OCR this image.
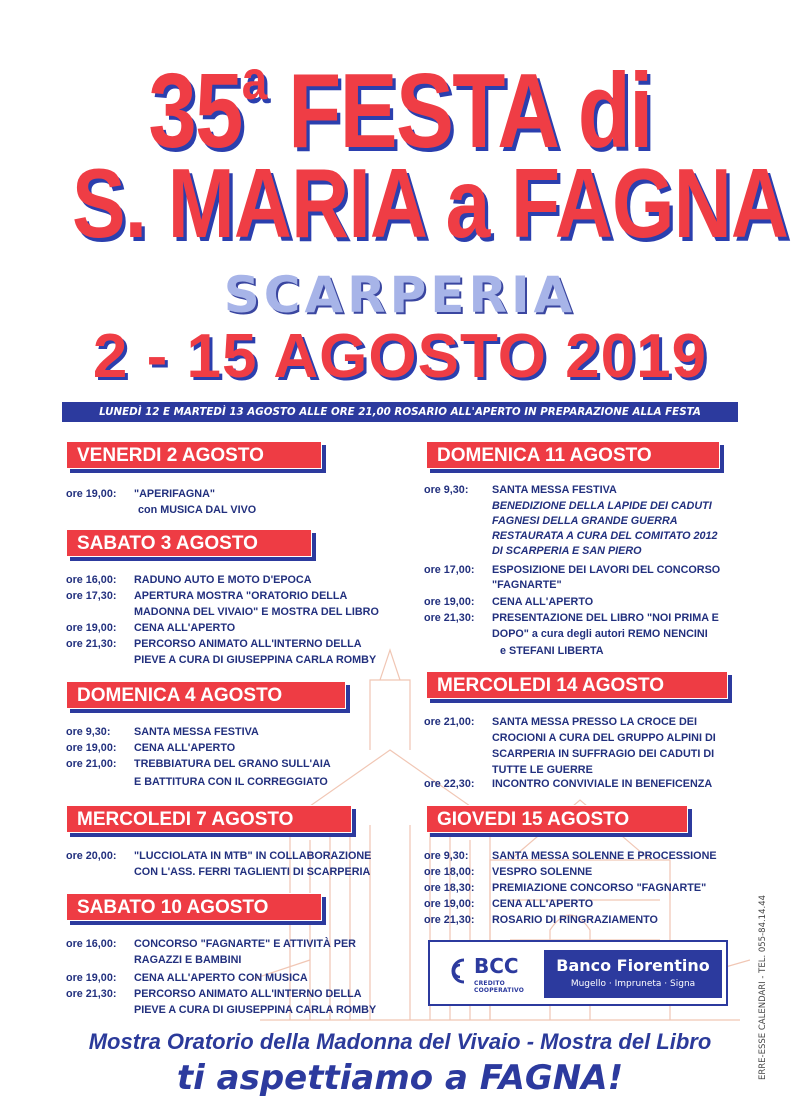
35$^a$ FESTA di
S. MARIA a FAGNA
SCARPERIA
2 - 15 AGOSTO 2019
LUNEDÌ 12 E MARTEDÌ 13 AGOSTO ALLE ORE 21,00 ROSARIO ALL'APERTO IN PREPARAZIONE ALLA FESTA
VENERDI 2 AGOSTO
ore 19,00: "APERIFAGNA"
con MUSICA DAL VIVO
SABATO 3 AGOSTO
ore 16,00: RADUNO AUTO E MOTO D'EPOCA
ore 17,30: APERTURA MOSTRA "ORATORIO DELLA
MADONNA DEL VIVAIO" E MOSTRA DEL LIBRO
ore 19,00: CENA ALL'APERTO
ore 21,30: PERCORSO ANIMATO ALL'INTERNO DELLA
PIEVE A CURA DI GIUSEPPINA CARLA ROMBY
DOMENICA 4 AGOSTO
ore 9,30: SANTA MESSA FESTIVA
ore 19,00: CENA ALL'APERTO
ore 21,00: TREBBIATURA DEL GRANO SULL'AIA
E BATTITURA CON IL CORREGGIATO
MERCOLEDI 7 AGOSTO
ore 20,00: "LUCCIOLATA IN MTB" IN COLLABORAZIONE
CON L'ASS. FERRI TAGLIENTI DI SCARPERIA
SABATO 10 AGOSTO
ore 16,00: CONCORSO "FAGNARTE" E ATTIVITÀ PER
RAGAZZI E BAMBINI
ore 19,00: CENA ALL'APERTO CON MUSICA
ore 21,30: PERCORSO ANIMATO ALL'INTERNO DELLA
PIEVE A CURA DI GIUSEPPINA CARLA ROMBY
DOMENICA 11 AGOSTO
ore 9,30: SANTA MESSA FESTIVA
BENEDIZIONE DELLA LAPIDE DEI CADUTI
FAGNESI DELLA GRANDE GUERRA
RESTAURATA A CURA DEL COMITATO 2012
DI SCARPERIA E SAN PIERO
ore 17,00: ESPOSIZIONE DEI LAVORI DEL CONCORSO
"FAGNARTE"
ore 19,00: CENA ALL'APERTO
ore 21,30: PRESENTAZIONE DEL LIBRO "NOI PRIMA E
DOPO" a cura degli autori REMO NENCINI
e STEFANI LIBERTA
MERCOLEDI 14 AGOSTO
ore 21,00: SANTA MESSA PRESSO LA CROCE DEI
CROCIONI A CURA DEL GRUPPO ALPINI DI
SCARPERIA IN SUFFRAGIO DEI CADUTI DI
TUTTE LE GUERRE
ore 22,30: INCONTRO CONVIVIALE IN BENEFICENZA
GIOVEDI 15 AGOSTO
ore 9,30: SANTA MESSA SOLENNE E PROCESSIONE
ore 18,00: VESPRO SOLENNE
ore 18,30: PREMIAZIONE CONCORSO "FAGNARTE"
ore 19,00: CENA ALL'APERTO
ore 21,30: ROSARIO DI RINGRAZIAMENTO
BCC
CREDITO COOPERATIVO
Banco Fiorentino
Mugello · Impruneta · Signa
Mostra Oratorio della Madonna del Vivaio - Mostra del Libro
ti aspettiamo a FAGNA!	ERRE-ESSE CALENDARI - TEL. 055-84.14.44
